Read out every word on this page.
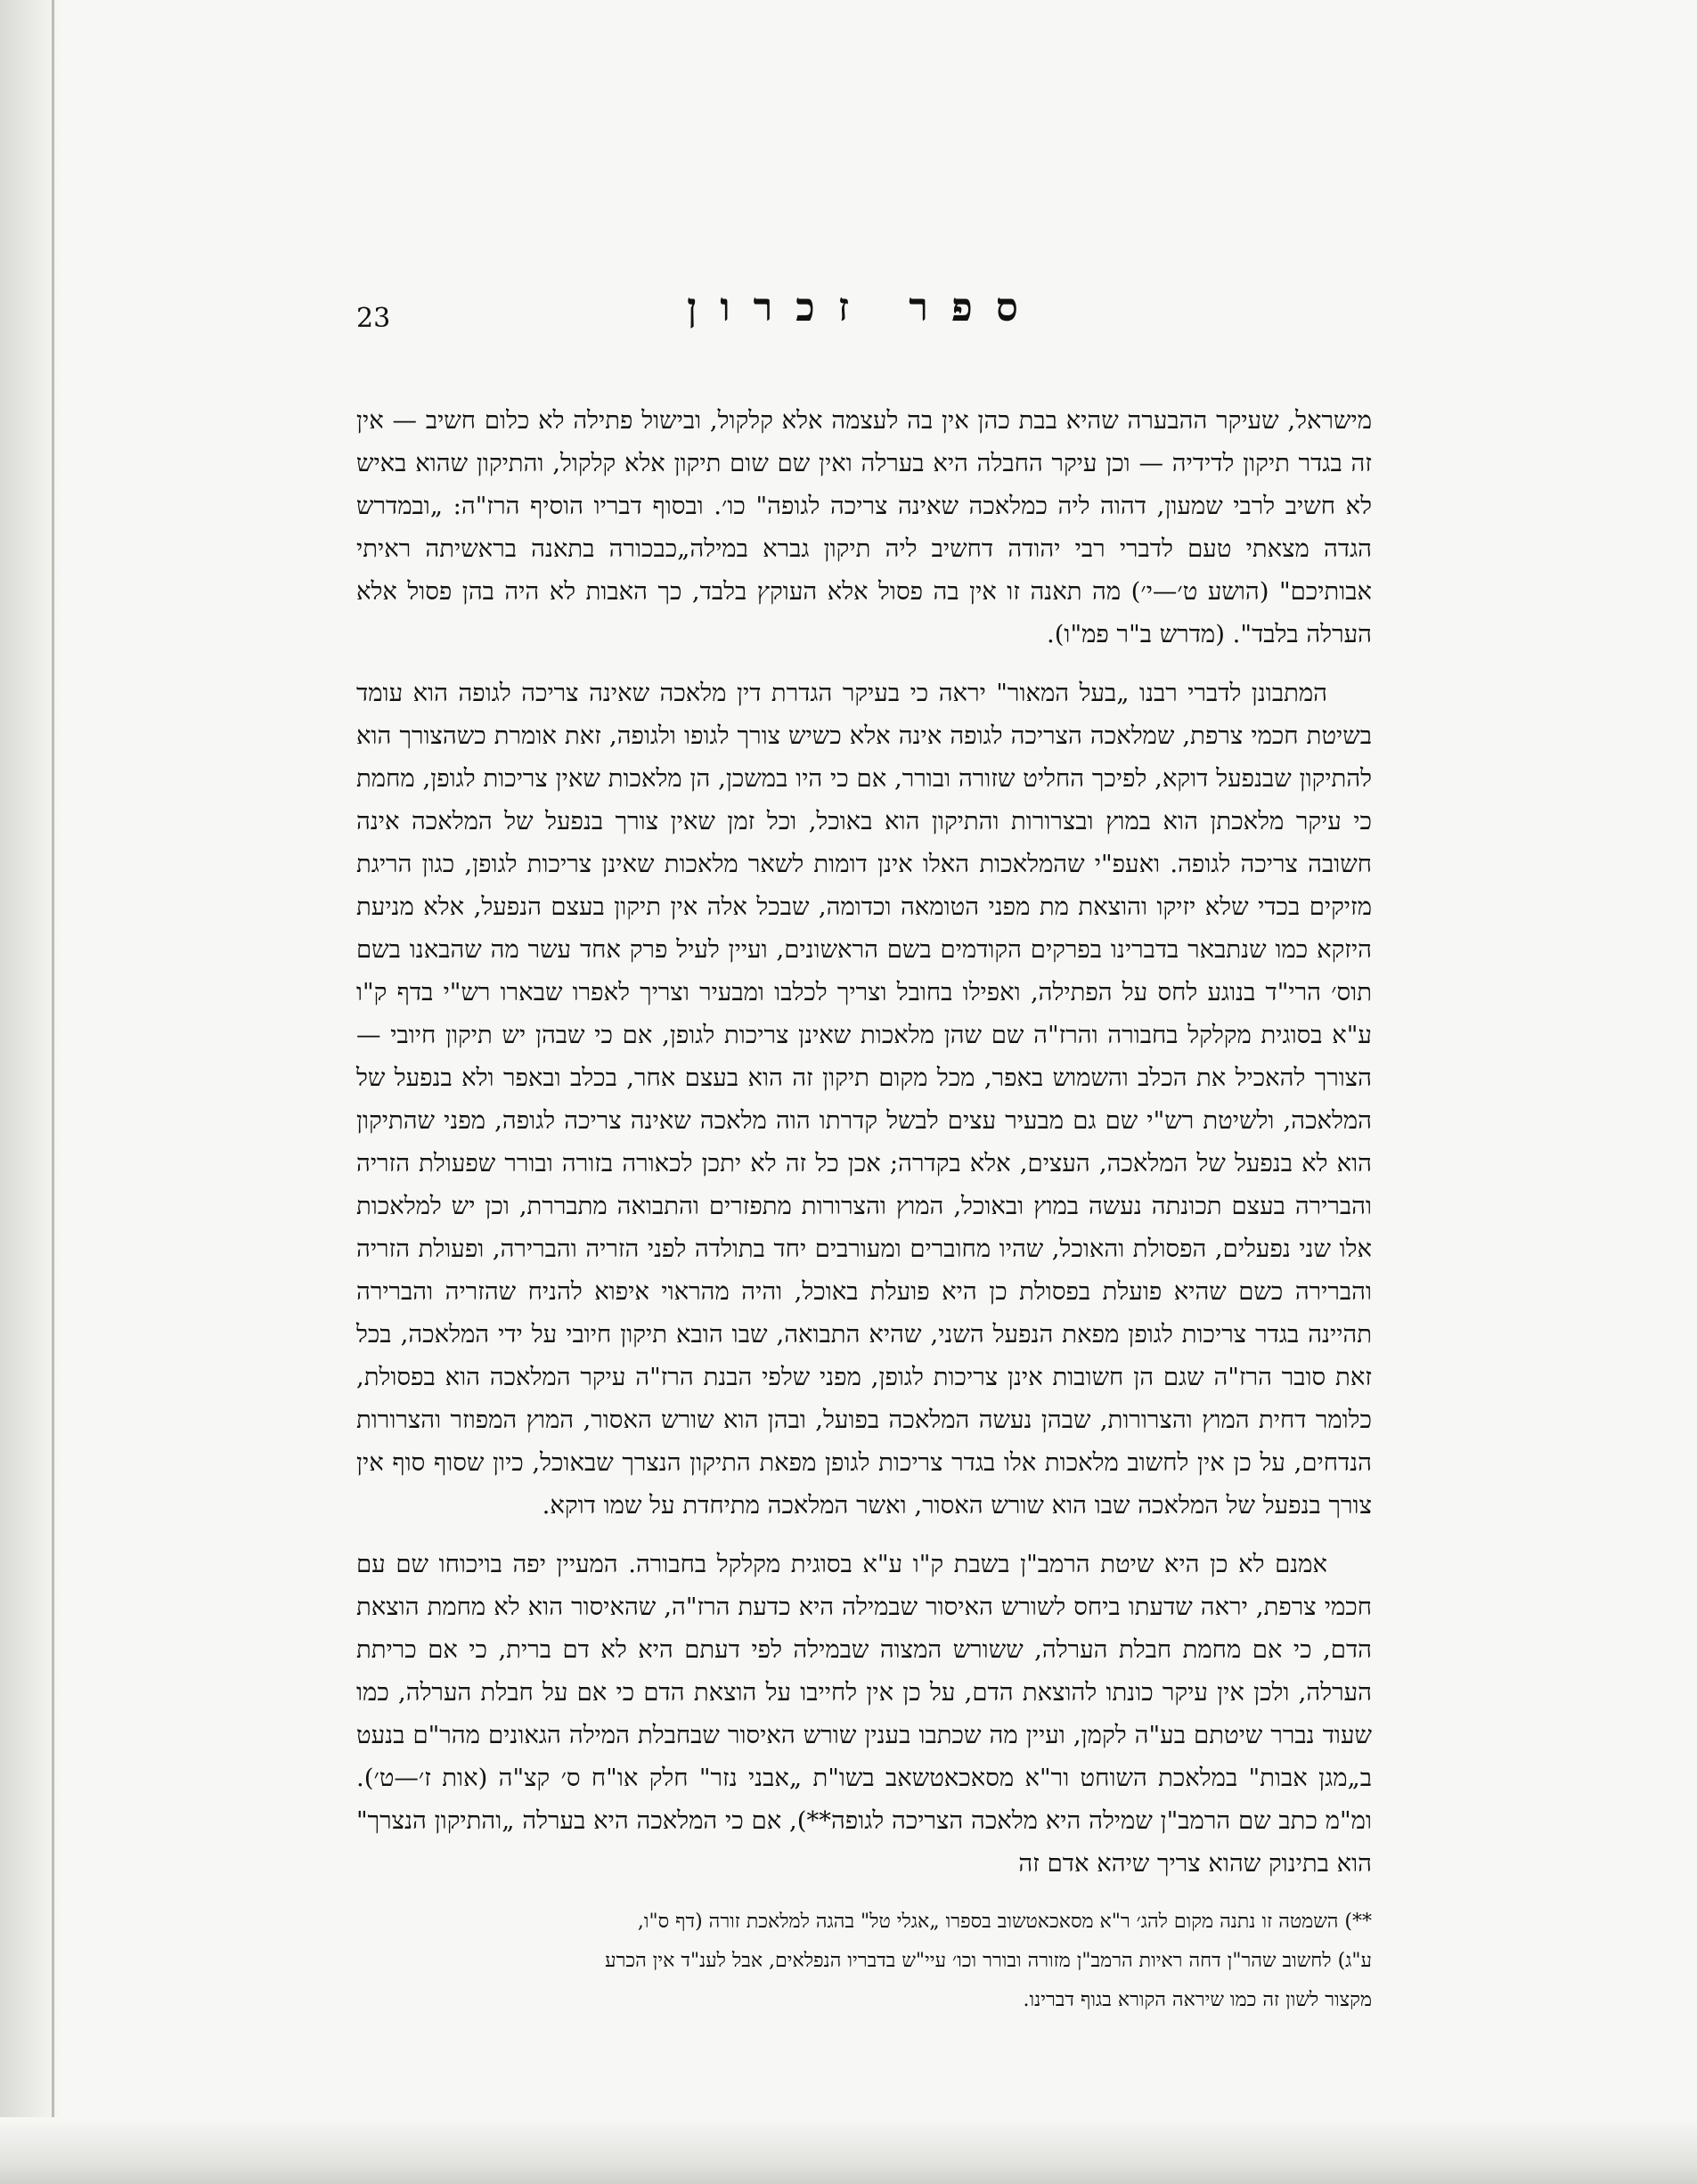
ספר זכרון
23

מישראל, שעיקר ההבערה שהיא בבת כהן אין בה לעצמה אלא קלקול, ובישול פתילה לא כלום חשיב — אין זה בגדר תיקון לדידיה — וכן עיקר החבלה היא בערלה ואין שם שום תיקון אלא קלקול, והתיקון שהוא באיש לא חשיב לרבי שמעון, דהוה ליה כמלאכה שאינה צריכה לגופה" כו׳. ובסוף דבריו הוסיף הרז"ה: „ובמדרש הגדה מצאתי טעם לדברי רבי יהודה דחשיב ליה תיקון גברא במילה„כבכורה בתאנה בראשיתה ראיתי אבותיכם" (הושע ט׳—י׳) מה תאנה זו אין בה פסול אלא העוקץ בלבד, כך האבות לא היה בהן פסול אלא הערלה בלבד". (מדרש ב"ר פמ"ו).

המתבונן לדברי רבנו „בעל המאור" יראה כי בעיקר הגדרת דין מלאכה שאינה צריכה לגופה הוא עומד בשיטת חכמי צרפת, שמלאכה הצריכה לגופה אינה אלא כשיש צורך לגופו ולגופה, זאת אומרת כשהצורך הוא להתיקון שבנפעל דוקא, לפיכך החליט שזורה ובורר, אם כי היו במשכן, הן מלאכות שאין צריכות לגופן, מחמת כי עיקר מלאכתן הוא במוץ ובצרורות והתיקון הוא באוכל, וכל זמן שאין צורך בנפעל של המלאכה אינה חשובה צריכה לגופה. ואעפ"י שהמלאכות האלו אינן דומות לשאר מלאכות שאינן צריכות לגופן, כגון הריגת מזיקים בכדי שלא יזיקו והוצאת מת מפני הטומאה וכדומה, שבכל אלה אין תיקון בעצם הנפעל, אלא מניעת היזקא כמו שנתבאר בדברינו בפרקים הקודמים בשם הראשונים, ועיין לעיל פרק אחד עשר מה שהבאנו בשם תוס׳ הרי"ד בנוגע לחס על הפתילה, ואפילו בחובל וצריך לכלבו ומבעיר וצריך לאפרו שבארו רש"י בדף ק"ו ע"א בסוגית מקלקל בחבורה והרז"ה שם שהן מלאכות שאינן צריכות לגופן, אם כי שבהן יש תיקון חיובי — הצורך להאכיל את הכלב והשמוש באפר, מכל מקום תיקון זה הוא בעצם אחר, בכלב ובאפר ולא בנפעל של המלאכה, ולשיטת רש"י שם גם מבעיר עצים לבשל קדרתו הוה מלאכה שאינה צריכה לגופה, מפני שהתיקון הוא לא בנפעל של המלאכה, העצים, אלא בקדרה; אכן כל זה לא יתכן לכאורה בזורה ובורר שפעולת הזריה והברירה בעצם תכונתה נעשה במוץ ובאוכל, המוץ והצרורות מתפזרים והתבואה מתבררת, וכן יש למלאכות אלו שני נפעלים, הפסולת והאוכל, שהיו מחוברים ומעורבים יחד בתולדה לפני הזריה והברירה, ופעולת הזריה והברירה כשם שהיא פועלת בפסולת כן היא פועלת באוכל, והיה מהראוי איפוא להניח שהזריה והברירה תהיינה בגדר צריכות לגופן מפאת הנפעל השני, שהיא התבואה, שבו הובא תיקון חיובי על ידי המלאכה, בכל זאת סובר הרז"ה שגם הן חשובות אינן צריכות לגופן, מפני שלפי הבנת הרז"ה עיקר המלאכה הוא בפסולת, כלומר דחית המוץ והצרורות, שבהן נעשה המלאכה בפועל, ובהן הוא שורש האסור, המוץ המפוזר והצרורות הנדחים, על כן אין לחשוב מלאכות אלו בגדר צריכות לגופן מפאת התיקון הנצרך שבאוכל, כיון שסוף סוף אין צורך בנפעל של המלאכה שבו הוא שורש האסור, ואשר המלאכה מתיחדת על שמו דוקא.

אמנם לא כן היא שיטת הרמב"ן בשבת ק"ו ע"א בסוגית מקלקל בחבורה. המעיין יפה בויכוחו שם עם חכמי צרפת, יראה שדעתו ביחס לשורש האיסור שבמילה היא כדעת הרז"ה, שהאיסור הוא לא מחמת הוצאת הדם, כי אם מחמת חבלת הערלה, ששורש המצוה שבמילה לפי דעתם היא לא דם ברית, כי אם כריתת הערלה, ולכן אין עיקר כונתו להוצאת הדם, על כן אין לחייבו על הוצאת הדם כי אם על חבלת הערלה, כמו שעוד נברר שיטתם בע"ה לקמן, ועיין מה שכתבו בענין שורש האיסור שבחבלת המילה הגאונים מהר"ם בנעט ב„מגן אבות" במלאכת השוחט ור"א מסאכאטשאב בשו"ת „אבני נזר" חלק או"ח ס׳ קצ"ה (אות ז׳—ט׳). ומ"מ כתב שם הרמב"ן שמילה היא מלאכה הצריכה לגופה**), אם כי המלאכה היא בערלה „והתיקון הנצרך" הוא בתינוק שהוא צריך שיהא אדם זה

**) השמטה זו נתנה מקום להג׳ ר"א מסאכאטשוב בספרו „אגלי טל" בהגה למלאכת זורה (דף ס"ו,

ע"ג) לחשוב שהר"ן דחה ראיות הרמב"ן מזורה ובורר וכו׳ עיי"ש בדבריו הנפלאים, אבל לענ"ד אין הכרע

מקצור לשון זה כמו שיראה הקורא בגוף דברינו.
